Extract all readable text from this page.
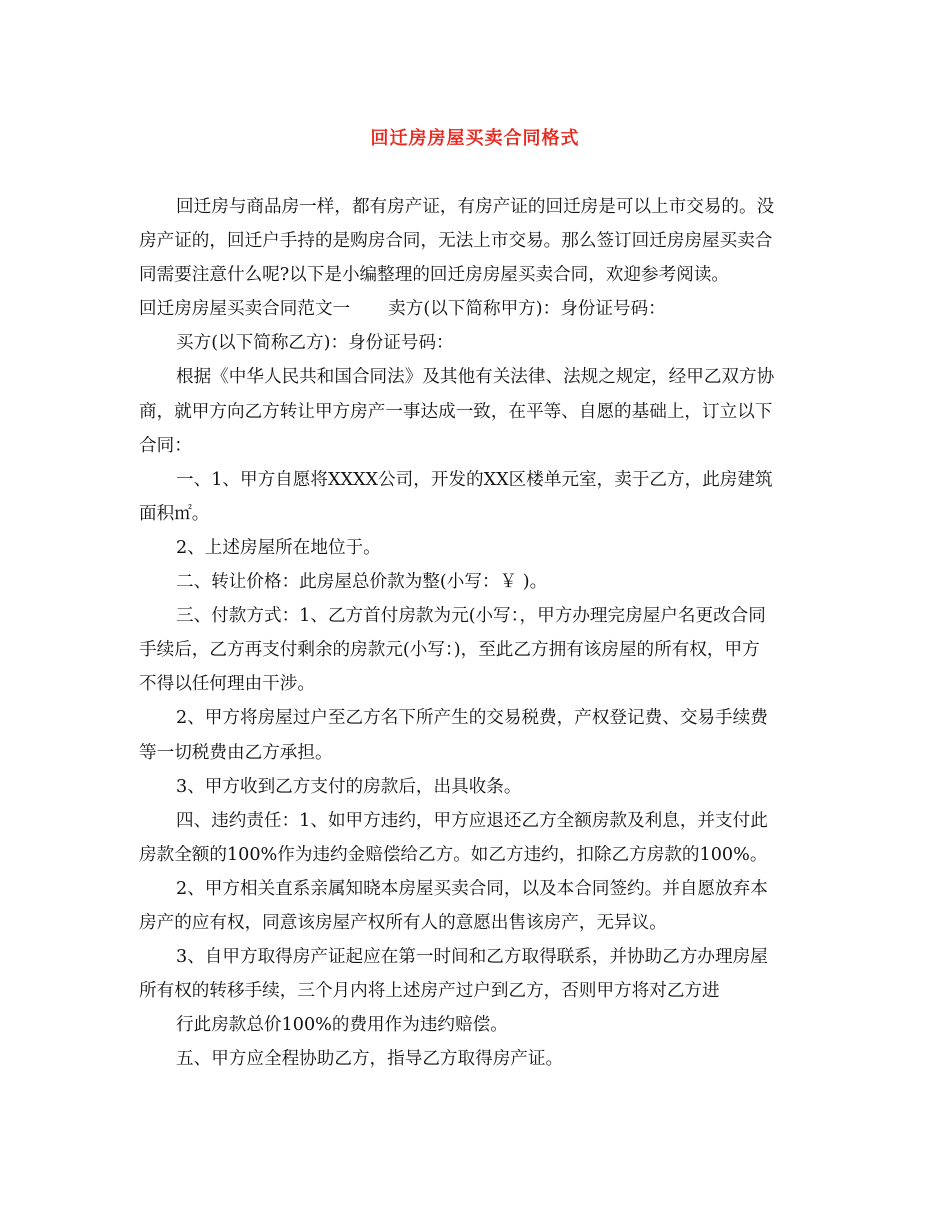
回迁房房屋买卖合同格式

回迁房与商品房一样，都有房产证，有房产证的回迁房是可以上市交易的。没

房产证的，回迁户手持的是购房合同，无法上市交易。那么签订回迁房房屋买卖合

同需要注意什么呢?以下是小编整理的回迁房房屋买卖合同，欢迎参考阅读。

回迁房房屋买卖合同范文一 卖方(以下简称甲方)：身份证号码：

买方(以下简称乙方)：身份证号码：

根据《中华人民共和国合同法》及其他有关法律、法规之规定，经甲乙双方协

商，就甲方向乙方转让甲方房产一事达成一致，在平等、自愿的基础上，订立以下

合同：

一、1、甲方自愿将XXXX公司，开发的XX区楼单元室，卖于乙方，此房建筑

面积㎡。

2、上述房屋所在地位于。

二、转让价格：此房屋总价款为整(小写：￥ )。

三、付款方式：1、乙方首付房款为元(小写：，甲方办理完房屋户名更改合同

手续后，乙方再支付剩余的房款元(小写：)，至此乙方拥有该房屋的所有权，甲方

不得以任何理由干涉。

2、甲方将房屋过户至乙方名下所产生的交易税费，产权登记费、交易手续费

等一切税费由乙方承担。

3、甲方收到乙方支付的房款后，出具收条。

四、违约责任：1、如甲方违约，甲方应退还乙方全额房款及利息，并支付此

房款全额的100%作为违约金赔偿给乙方。如乙方违约，扣除乙方房款的100%。

2、甲方相关直系亲属知晓本房屋买卖合同，以及本合同签约。并自愿放弃本

房产的应有权，同意该房屋产权所有人的意愿出售该房产，无异议。

3、自甲方取得房产证起应在第一时间和乙方取得联系，并协助乙方办理房屋

所有权的转移手续，三个月内将上述房产过户到乙方，否则甲方将对乙方进

行此房款总价100%的费用作为违约赔偿。

五、甲方应全程协助乙方，指导乙方取得房产证。
